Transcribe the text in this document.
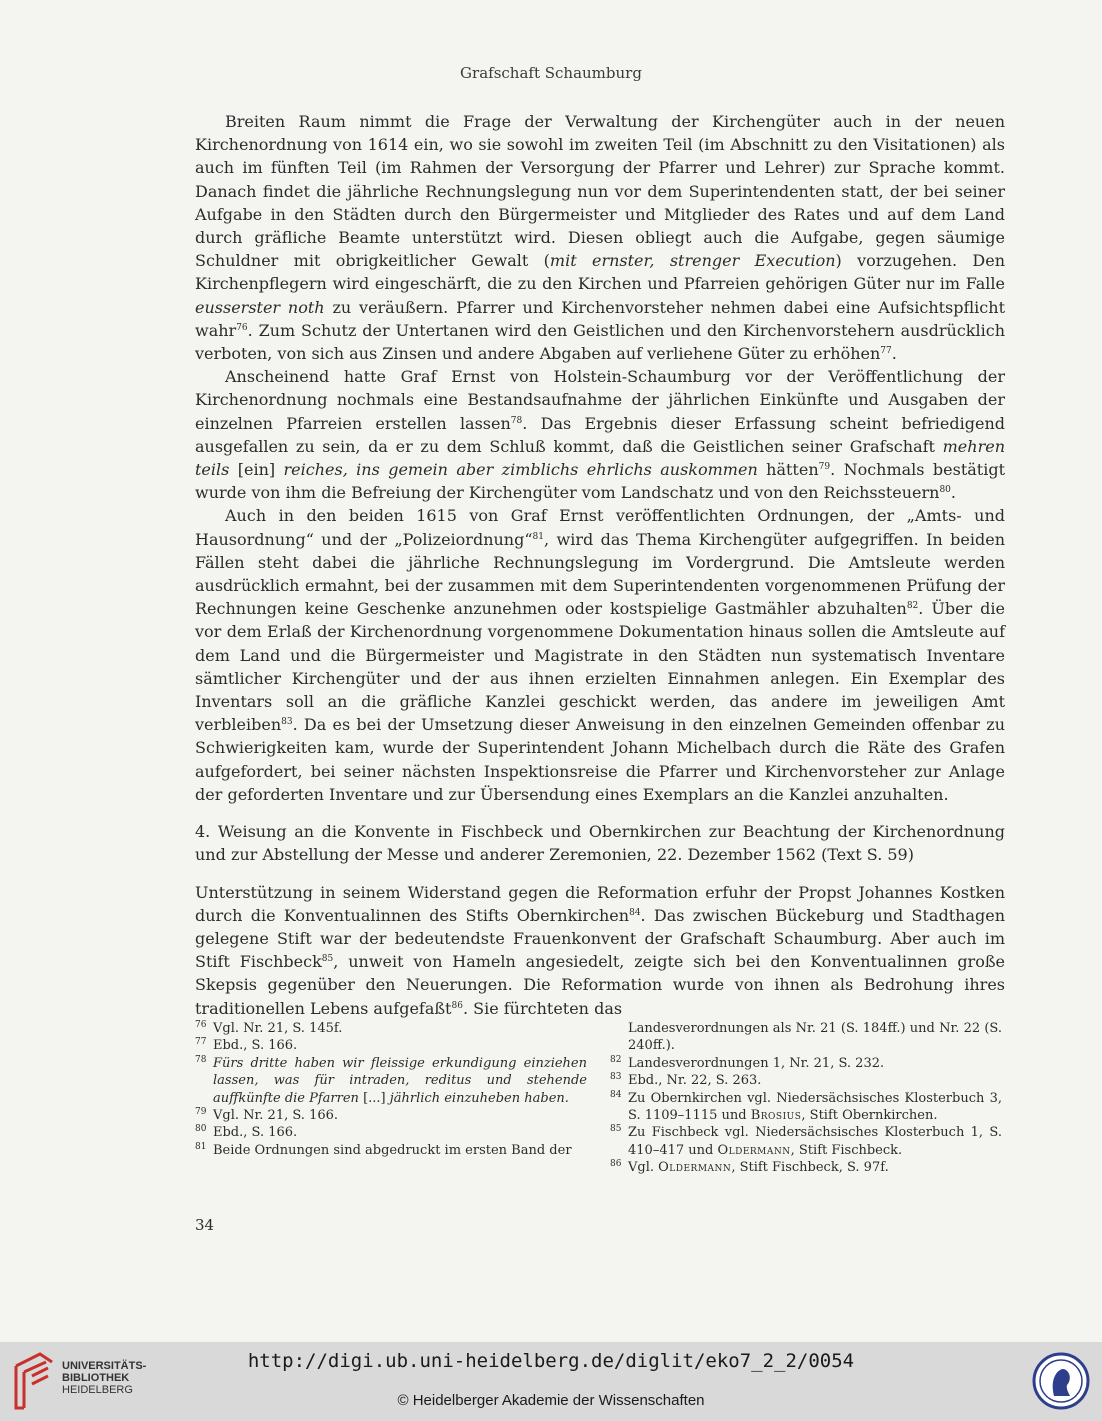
Grafschaft Schaumburg

Breiten Raum nimmt die Frage der Verwaltung der Kirchengüter auch in der neuen Kirchenordnung von 1614 ein, wo sie sowohl im zweiten Teil (im Abschnitt zu den Visitationen) als auch im fünften Teil (im Rahmen der Versorgung der Pfarrer und Lehrer) zur Sprache kommt. Danach findet die jährliche Rechnungslegung nun vor dem Superintendenten statt, der bei seiner Aufgabe in den Städten durch den Bürgermeister und Mitglieder des Rates und auf dem Land durch gräfliche Beamte unterstützt wird. Diesen obliegt auch die Aufgabe, gegen säumige Schuldner mit obrigkeitlicher Gewalt (mit ernster, strenger Execution) vorzugehen. Den Kirchenpflegern wird eingeschärft, die zu den Kirchen und Pfarreien gehörigen Güter nur im Falle eusserster noth zu veräußern. Pfarrer und Kirchenvorsteher nehmen dabei eine Aufsichtspflicht wahr$^{76}$. Zum Schutz der Untertanen wird den Geistlichen und den Kirchenvorstehern ausdrücklich verboten, von sich aus Zinsen und andere Abgaben auf verliehene Güter zu erhöhen$^{77}$.

Anscheinend hatte Graf Ernst von Holstein-Schaumburg vor der Veröffentlichung der Kirchenordnung nochmals eine Bestandsaufnahme der jährlichen Einkünfte und Ausgaben der einzelnen Pfarreien erstellen lassen$^{78}$. Das Ergebnis dieser Erfassung scheint befriedigend ausgefallen zu sein, da er zu dem Schluß kommt, daß die Geistlichen seiner Grafschaft mehren teils [ein] reiches, ins gemein aber zimblichs ehrlichs auskommen hätten$^{79}$. Nochmals bestätigt wurde von ihm die Befreiung der Kirchengüter vom Landschatz und von den Reichssteuern$^{80}$.

Auch in den beiden 1615 von Graf Ernst veröffentlichten Ordnungen, der „Amts- und Hausordnung“ und der „Polizeiordnung“$^{81}$, wird das Thema Kirchengüter aufgegriffen. In beiden Fällen steht dabei die jährliche Rechnungslegung im Vordergrund. Die Amtsleute werden ausdrücklich ermahnt, bei der zusammen mit dem Superintendenten vorgenommenen Prüfung der Rechnungen keine Geschenke anzunehmen oder kostspielige Gastmähler abzuhalten$^{82}$. Über die vor dem Erlaß der Kirchenordnung vorgenommene Dokumentation hinaus sollen die Amtsleute auf dem Land und die Bürgermeister und Magistrate in den Städten nun systematisch Inventare sämtlicher Kirchengüter und der aus ihnen erzielten Einnahmen anlegen. Ein Exemplar des Inventars soll an die gräfliche Kanzlei geschickt werden, das andere im jeweiligen Amt verbleiben$^{83}$. Da es bei der Umsetzung dieser Anweisung in den einzelnen Gemeinden offenbar zu Schwierigkeiten kam, wurde der Superintendent Johann Michelbach durch die Räte des Grafen aufgefordert, bei seiner nächsten Inspektionsreise die Pfarrer und Kirchenvorsteher zur Anlage der geforderten Inventare und zur Übersendung eines Exemplars an die Kanzlei anzuhalten.

4. Weisung an die Konvente in Fischbeck und Obernkirchen zur Beachtung der Kirchenordnung und zur Abstellung der Messe und anderer Zeremonien, 22. Dezember 1562 (Text S. 59)

Unterstützung in seinem Widerstand gegen die Reformation erfuhr der Propst Johannes Kostken durch die Konventualinnen des Stifts Obernkirchen$^{84}$. Das zwischen Bückeburg und Stadthagen gelegene Stift war der bedeutendste Frauenkonvent der Grafschaft Schaumburg. Aber auch im Stift Fischbeck$^{85}$, unweit von Hameln angesiedelt, zeigte sich bei den Konventualinnen große Skepsis gegenüber den Neuerungen. Die Reformation wurde von ihnen als Bedrohung ihres traditionellen Lebens aufgefaßt$^{86}$. Sie fürchteten das

76 Vgl. Nr. 21, S. 145f.
77 Ebd., S. 166.
78 Fürs dritte haben wir fleissige erkundigung einziehen lassen, was für intraden, reditus und stehende auffkünfte die Pfarren [...] jährlich einzuheben haben.
79 Vgl. Nr. 21, S. 166.
80 Ebd., S. 166.
81 Beide Ordnungen sind abgedruckt im ersten Band der
Landesverordnungen als Nr. 21 (S. 184ff.) und Nr. 22 (S. 240ff.).
82 Landesverordnungen 1, Nr. 21, S. 232.
83 Ebd., Nr. 22, S. 263.
84 Zu Obernkirchen vgl. Niedersächsisches Klosterbuch 3, S. 1109–1115 und Brosius, Stift Obernkirchen.
85 Zu Fischbeck vgl. Niedersächsisches Klosterbuch 1, S. 410–417 und Oldermann, Stift Fischbeck.
86 Vgl. Oldermann, Stift Fischbeck, S. 97f.
34
UNIVERSITÄTS-
BIBLIOTHEK
HEIDELBERG
http://digi.ub.uni-heidelberg.de/diglit/eko7_2_2/0054
© Heidelberger Akademie der Wissenschaften
